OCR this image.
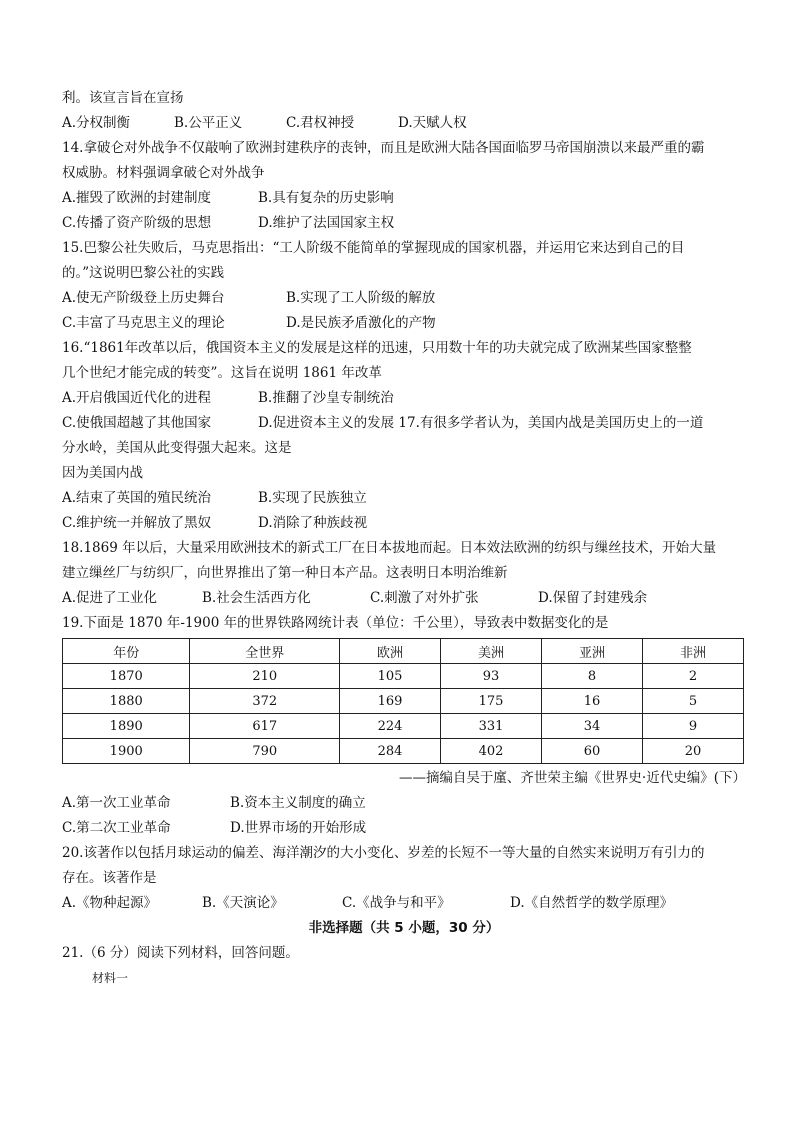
利。该宣言旨在宣扬
A.分权制衡	B.公平正义	C.君权神授	D.天赋人权
14.拿破仑对外战争不仅敲响了欧洲封建秩序的丧钟，而且是欧洲大陆各国面临罗马帝国崩溃以来最严重的霸
权威胁。材料强调拿破仑对外战争
A.摧毁了欧洲的封建制度	B.具有复杂的历史影响
C.传播了资产阶级的思想	D.维护了法国国家主权
15.巴黎公社失败后，马克思指出：“工人阶级不能简单的掌握现成的国家机器，并运用它来达到自己的目
的。”这说明巴黎公社的实践
A.使无产阶级登上历史舞台	B.实现了工人阶级的解放
C.丰富了马克思主义的理论	D.是民族矛盾激化的产物
16.“1861年改革以后，俄国资本主义的发展是这样的迅速，只用数十年的功夫就完成了欧洲某些国家整整
几个世纪才能完成的转变”。这旨在说明 1861 年改革
A.开启俄国近代化的进程	B.推翻了沙皇专制统治
C.使俄国超越了其他国家	D.促进资本主义的发展 17.有很多学者认为，美国内战是美国历史上的一道
分水岭，美国从此变得强大起来。这是
因为美国内战
A.结束了英国的殖民统治	B.实现了民族独立
C.维护统一并解放了黑奴	D.消除了种族歧视
18.1869 年以后，大量采用欧洲技术的新式工厂在日本拔地而起。日本效法欧洲的纺织与缫丝技术，开始大量
建立缫丝厂与纺织厂，向世界推出了第一种日本产品。这表明日本明治维新
A.促进了工业化	B.社会生活西方化	C.刺激了对外扩张	D.保留了封建残余
19.下面是 1870 年-1900 年的世界铁路网统计表（单位：千公里），导致表中数据变化的是
年份	全世界	欧洲	美洲	亚洲	非洲
1870	210	105	93	8	2
1880	372	169	175	16	5
1890	617	224	331	34	9
1900	790	284	402	60	20
——摘编自吴于廑、齐世荣主编《世界史·近代史编》(下）
A.第一次工业革命	B.资本主义制度的确立
C.第二次工业革命	D.世界市场的开始形成
20.该著作以包括月球运动的偏差、海洋潮汐的大小变化、岁差的长短不一等大量的自然实来说明万有引力的
存在。该著作是
A.《物种起源》	B.《天演论》	C.《战争与和平》	D.《自然哲学的数学原理》
非选择题（共 5 小题，30 分）
21.（6 分）阅读下列材料，回答问题。
材料一
